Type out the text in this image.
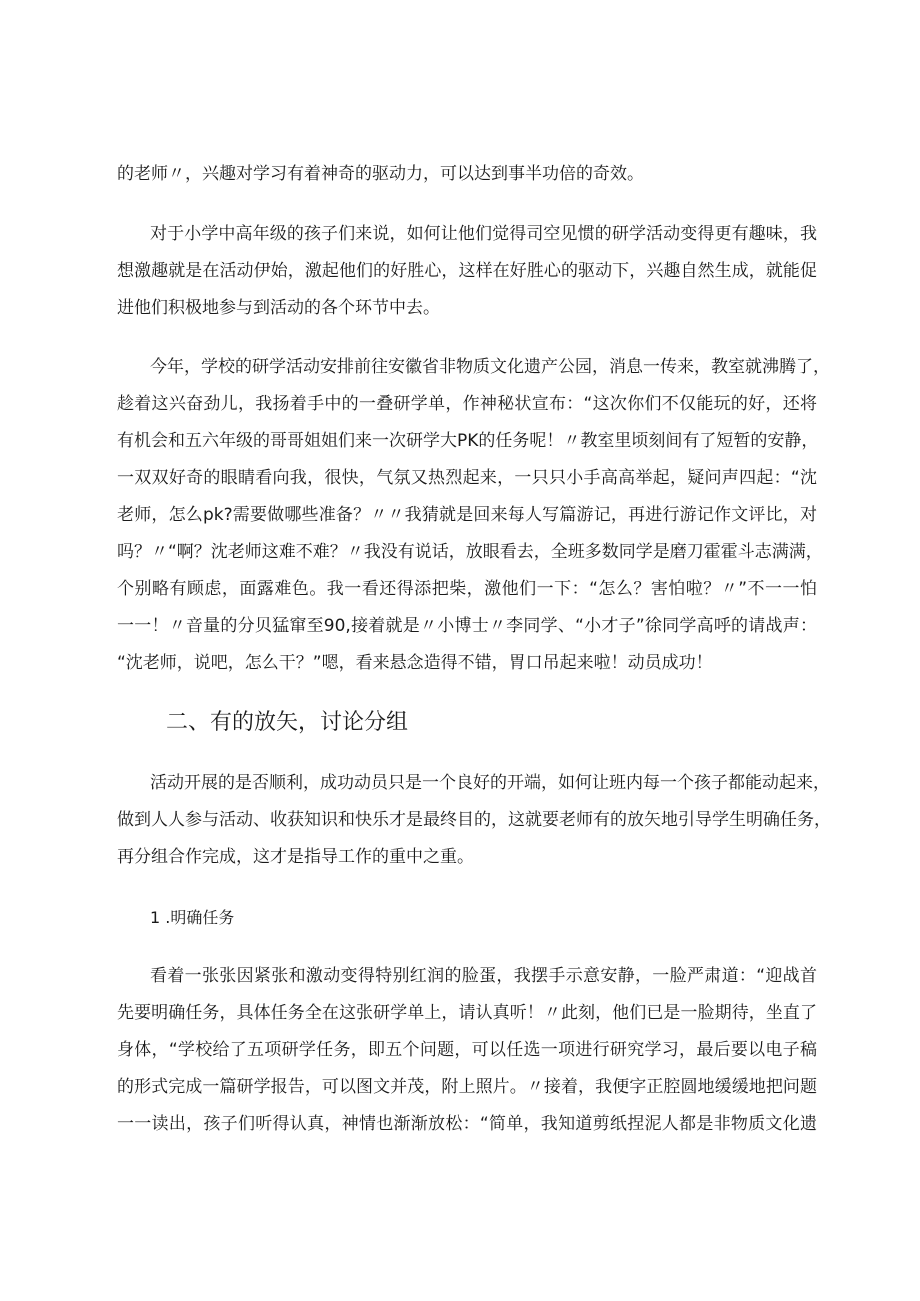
的老师〃，兴趣对学习有着神奇的驱动力，可以达到事半功倍的奇效。
对于小学中高年级的孩子们来说，如何让他们觉得司空见惯的研学活动变得更有趣味，我
想激趣就是在活动伊始，激起他们的好胜心，这样在好胜心的驱动下，兴趣自然生成，就能促
进他们积极地参与到活动的各个环节中去。
今年，学校的研学活动安排前往安徽省非物质文化遗产公园，消息一传来，教室就沸腾了，
趁着这兴奋劲儿，我扬着手中的一叠研学单，作神秘状宣布：“这次你们不仅能玩的好，还将
有机会和五六年级的哥哥姐姐们来一次研学大PK的任务呢！〃教室里顷刻间有了短暂的安静，
一双双好奇的眼睛看向我，很快，气氛又热烈起来，一只只小手高高举起，疑问声四起：“沈
老师，怎么pk?需要做哪些准备？〃〃我猜就是回来每人写篇游记，再进行游记作文评比，对
吗？〃“啊？沈老师这难不难？〃我没有说话，放眼看去，全班多数同学是磨刀霍霍斗志满满，
个别略有顾虑，面露难色。我一看还得添把柴，激他们一下：“怎么？害怕啦？〃”不一一怕
一一！〃音量的分贝猛窜至90,接着就是〃小博士〃李同学、“小才子”徐同学高呼的请战声：
“沈老师，说吧，怎么干？”嗯，看来悬念造得不错，胃口吊起来啦！动员成功！
二、有的放矢，讨论分组
活动开展的是否顺利，成功动员只是一个良好的开端，如何让班内每一个孩子都能动起来，
做到人人参与活动、收获知识和快乐才是最终目的，这就要老师有的放矢地引导学生明确任务，
再分组合作完成，这才是指导工作的重中之重。
1 .明确任务
看着一张张因紧张和激动变得特别红润的脸蛋，我摆手示意安静，一脸严肃道：“迎战首
先要明确任务，具体任务全在这张研学单上，请认真听！〃此刻，他们已是一脸期待，坐直了
身体，“学校给了五项研学任务，即五个问题，可以任选一项进行研究学习，最后要以电子稿
的形式完成一篇研学报告，可以图文并茂，附上照片。〃接着，我便字正腔圆地缓缓地把问题
一一读出，孩子们听得认真，神情也渐渐放松：“简单，我知道剪纸捏泥人都是非物质文化遗
